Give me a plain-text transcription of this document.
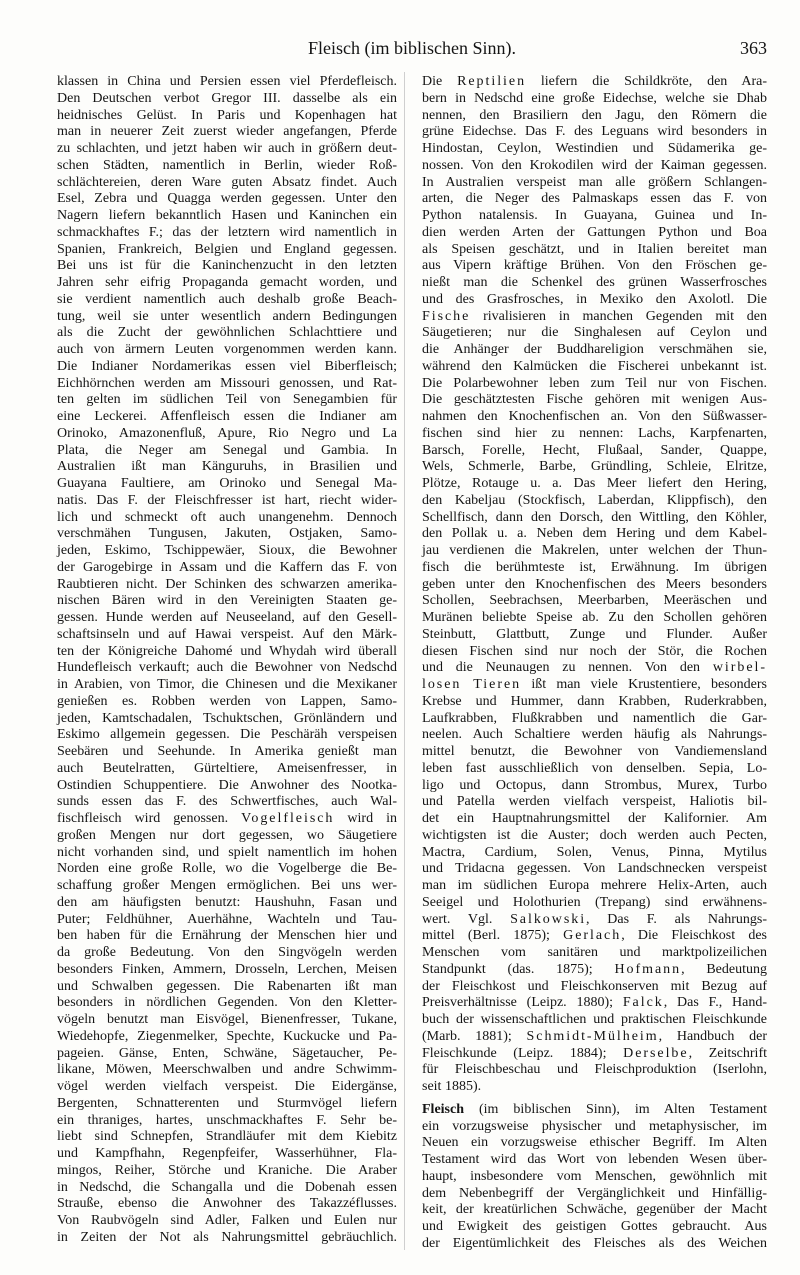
Fleisch (im biblischen Sinn).	363
klassen in China und Persien essen viel Pferdefleisch.
Den Deutschen verbot Gregor III. dasselbe als ein
heidnisches Gelüst. In Paris und Kopenhagen hat
man in neuerer Zeit zuerst wieder angefangen, Pferde
zu schlachten, und jetzt haben wir auch in größern deut-
schen Städten, namentlich in Berlin, wieder Roß-
schlächtereien, deren Ware guten Absatz findet. Auch
Esel, Zebra und Quagga werden gegessen. Unter den
Nagern liefern bekanntlich Hasen und Kaninchen ein
schmackhaftes F.; das der letztern wird namentlich in
Spanien, Frankreich, Belgien und England gegessen.
Bei uns ist für die Kaninchenzucht in den letzten
Jahren sehr eifrig Propaganda gemacht worden, und
sie verdient namentlich auch deshalb große Beach-
tung, weil sie unter wesentlich andern Bedingungen
als die Zucht der gewöhnlichen Schlachttiere und
auch von ärmern Leuten vorgenommen werden kann.
Die Indianer Nordamerikas essen viel Biberfleisch;
Eichhörnchen werden am Missouri genossen, und Rat-
ten gelten im südlichen Teil von Senegambien für
eine Leckerei. Affenfleisch essen die Indianer am
Orinoko, Amazonenfluß, Apure, Rio Negro und La
Plata, die Neger am Senegal und Gambia. In
Australien ißt man Känguruhs, in Brasilien und
Guayana Faultiere, am Orinoko und Senegal Ma-
natis. Das F. der Fleischfresser ist hart, riecht wider-
lich und schmeckt oft auch unangenehm. Dennoch
verschmähen Tungusen, Jakuten, Ostjaken, Samo-
jeden, Eskimo, Tschippewäer, Sioux, die Bewohner
der Garogebirge in Assam und die Kaffern das F. von
Raubtieren nicht. Der Schinken des schwarzen amerika-
nischen Bären wird in den Vereinigten Staaten ge-
gessen. Hunde werden auf Neuseeland, auf den Gesell-
schaftsinseln und auf Hawai verspeist. Auf den Märk-
ten der Königreiche Dahomé und Whydah wird überall
Hundefleisch verkauft; auch die Bewohner von Nedschd
in Arabien, von Timor, die Chinesen und die Mexikaner
genießen es. Robben werden von Lappen, Samo-
jeden, Kamtschadalen, Tschuktschen, Grönländern und
Eskimo allgemein gegessen. Die Peschäräh verspeisen
Seebären und Seehunde. In Amerika genießt man
auch Beutelratten, Gürteltiere, Ameisenfresser, in
Ostindien Schuppentiere. Die Anwohner des Nootka-
sunds essen das F. des Schwertfisches, auch Wal-
fischfleisch wird genossen. Vogelfleisch wird in
großen Mengen nur dort gegessen, wo Säugetiere
nicht vorhanden sind, und spielt namentlich im hohen
Norden eine große Rolle, wo die Vogelberge die Be-
schaffung großer Mengen ermöglichen. Bei uns wer-
den am häufigsten benutzt: Haushuhn, Fasan und
Puter; Feldhühner, Auerhähne, Wachteln und Tau-
ben haben für die Ernährung der Menschen hier und
da große Bedeutung. Von den Singvögeln werden
besonders Finken, Ammern, Drosseln, Lerchen, Meisen
und Schwalben gegessen. Die Rabenarten ißt man
besonders in nördlichen Gegenden. Von den Kletter-
vögeln benutzt man Eisvögel, Bienenfresser, Tukane,
Wiedehopfe, Ziegenmelker, Spechte, Kuckucke und Pa-
pageien. Gänse, Enten, Schwäne, Sägetaucher, Pe-
likane, Möwen, Meerschwalben und andre Schwimm-
vögel werden vielfach verspeist. Die Eidergänse,
Bergenten, Schnatterenten und Sturmvögel liefern
ein thraniges, hartes, unschmackhaftes F. Sehr be-
liebt sind Schnepfen, Strandläufer mit dem Kiebitz
und Kampfhahn, Regenpfeifer, Wasserhühner, Fla-
mingos, Reiher, Störche und Kraniche. Die Araber
in Nedschd, die Schangalla und die Dobenah essen
Strauße, ebenso die Anwohner des Takazzéflusses.
Von Raubvögeln sind Adler, Falken und Eulen nur
in Zeiten der Not als Nahrungsmittel gebräuchlich.
Die Reptilien liefern die Schildkröte, den Ara-
bern in Nedschd eine große Eidechse, welche sie Dhab
nennen, den Brasiliern den Jagu, den Römern die
grüne Eidechse. Das F. des Leguans wird besonders in
Hindostan, Ceylon, Westindien und Südamerika ge-
nossen. Von den Krokodilen wird der Kaiman gegessen.
In Australien verspeist man alle größern Schlangen-
arten, die Neger des Palmaskaps essen das F. von
Python natalensis. In Guayana, Guinea und In-
dien werden Arten der Gattungen Python und Boa
als Speisen geschätzt, und in Italien bereitet man
aus Vipern kräftige Brühen. Von den Fröschen ge-
nießt man die Schenkel des grünen Wasserfrosches
und des Grasfrosches, in Mexiko den Axolotl. Die
Fische rivalisieren in manchen Gegenden mit den
Säugetieren; nur die Singhalesen auf Ceylon und
die Anhänger der Buddhareligion verschmähen sie,
während den Kalmücken die Fischerei unbekannt ist.
Die Polarbewohner leben zum Teil nur von Fischen.
Die geschätztesten Fische gehören mit wenigen Aus-
nahmen den Knochenfischen an. Von den Süßwasser-
fischen sind hier zu nennen: Lachs, Karpfenarten,
Barsch, Forelle, Hecht, Flußaal, Sander, Quappe,
Wels, Schmerle, Barbe, Gründling, Schleie, Elritze,
Plötze, Rotauge u. a. Das Meer liefert den Hering,
den Kabeljau (Stockfisch, Laberdan, Klippfisch), den
Schellfisch, dann den Dorsch, den Wittling, den Köhler,
den Pollak u. a. Neben dem Hering und dem Kabel-
jau verdienen die Makrelen, unter welchen der Thun-
fisch die berühmteste ist, Erwähnung. Im übrigen
geben unter den Knochenfischen des Meers besonders
Schollen, Seebrachsen, Meerbarben, Meeräschen und
Muränen beliebte Speise ab. Zu den Schollen gehören
Steinbutt, Glattbutt, Zunge und Flunder. Außer
diesen Fischen sind nur noch der Stör, die Rochen
und die Neunaugen zu nennen. Von den wirbel-
losen Tieren ißt man viele Krustentiere, besonders
Krebse und Hummer, dann Krabben, Ruderkrabben,
Laufkrabben, Flußkrabben und namentlich die Gar-
neelen. Auch Schaltiere werden häufig als Nahrungs-
mittel benutzt, die Bewohner von Vandiemensland
leben fast ausschließlich von denselben. Sepia, Lo-
ligo und Octopus, dann Strombus, Murex, Turbo
und Patella werden vielfach verspeist, Haliotis bil-
det ein Hauptnahrungsmittel der Kalifornier. Am
wichtigsten ist die Auster; doch werden auch Pecten,
Mactra, Cardium, Solen, Venus, Pinna, Mytilus
und Tridacna gegessen. Von Landschnecken verspeist
man im südlichen Europa mehrere Helix-Arten, auch
Seeigel und Holothurien (Trepang) sind erwähnens-
wert. Vgl. Salkowski, Das F. als Nahrungs-
mittel (Berl. 1875); Gerlach, Die Fleischkost des
Menschen vom sanitären und marktpolizeilichen
Standpunkt (das. 1875); Hofmann, Bedeutung
der Fleischkost und Fleischkonserven mit Bezug auf
Preisverhältnisse (Leipz. 1880); Falck, Das F., Hand-
buch der wissenschaftlichen und praktischen Fleischkunde
(Marb. 1881); Schmidt-Mülheim, Handbuch der
Fleischkunde (Leipz. 1884); Derselbe, Zeitschrift
für Fleischbeschau und Fleischproduktion (Iserlohn,
seit 1885).
Fleisch (im biblischen Sinn), im Alten Testament
ein vorzugsweise physischer und metaphysischer, im
Neuen ein vorzugsweise ethischer Begriff. Im Alten
Testament wird das Wort von lebenden Wesen über-
haupt, insbesondere vom Menschen, gewöhnlich mit
dem Nebenbegriff der Vergänglichkeit und Hinfällig-
keit, der kreatürlichen Schwäche, gegenüber der Macht
und Ewigkeit des geistigen Gottes gebraucht. Aus
der Eigentümlichkeit des Fleisches als des Weichen
